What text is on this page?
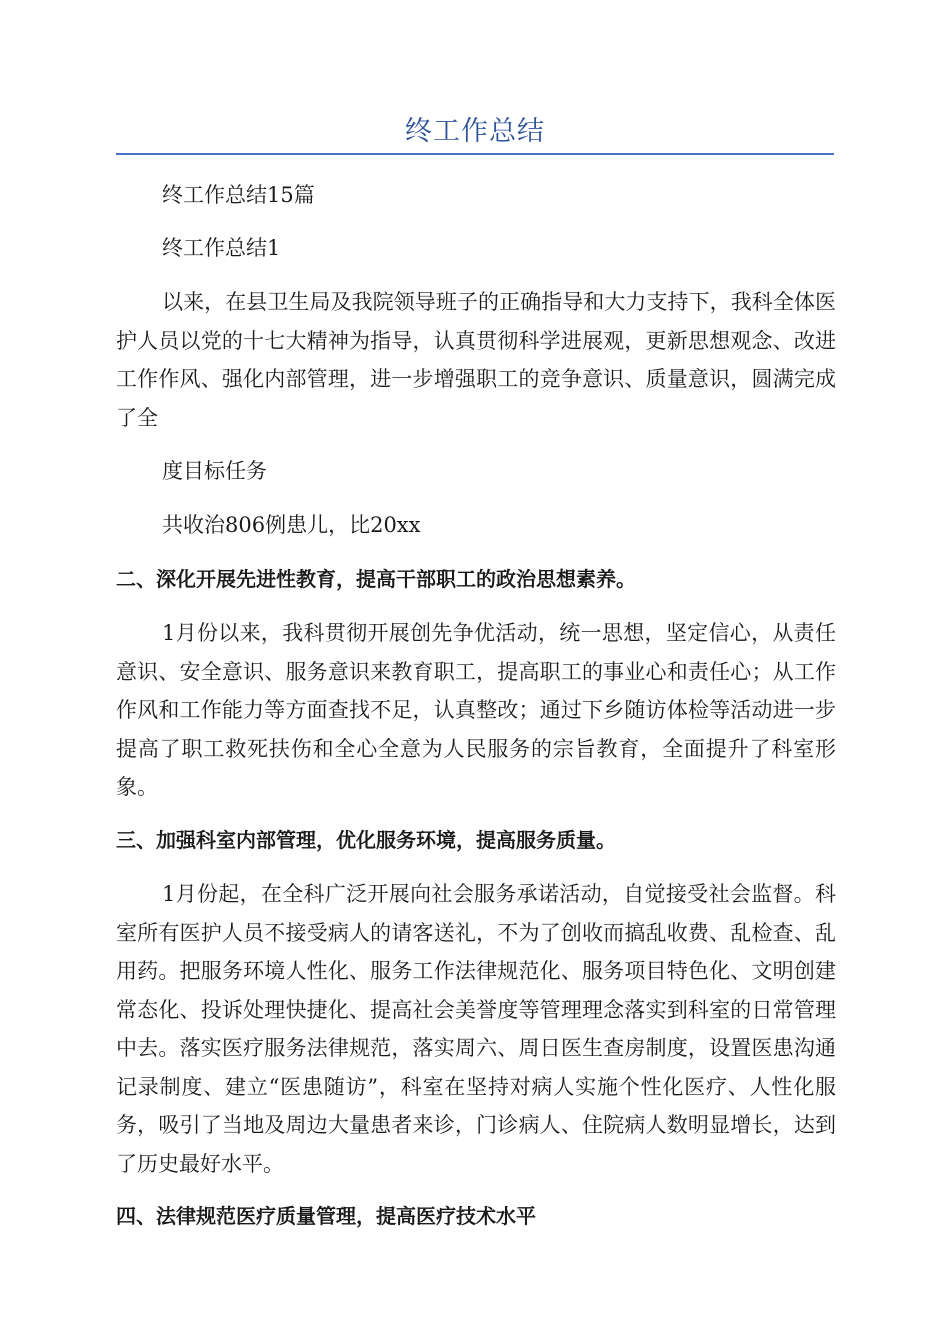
终工作总结

终工作总结15篇

终工作总结1

以来，在县卫生局及我院领导班子的正确指导和大力支持下，我科全体医护人员以党的十七大精神为指导，认真贯彻科学进展观，更新思想观念、改进工作作风、强化内部管理，进一步增强职工的竞争意识、质量意识，圆满完成了全

度目标任务

共收治806例患儿，比20xx

二、深化开展先进性教育，提高干部职工的政治思想素养。

1月份以来，我科贯彻开展创先争优活动，统一思想，坚定信心，从责任意识、安全意识、服务意识来教育职工，提高职工的事业心和责任心；从工作作风和工作能力等方面查找不足，认真整改；通过下乡随访体检等活动进一步提高了职工救死扶伤和全心全意为人民服务的宗旨教育，全面提升了科室形象。

三、加强科室内部管理，优化服务环境，提高服务质量。

1月份起，在全科广泛开展向社会服务承诺活动，自觉接受社会监督。科室所有医护人员不接受病人的请客送礼，不为了创收而搞乱收费、乱检查、乱用药。把服务环境人性化、服务工作法律规范化、服务项目特色化、文明创建常态化、投诉处理快捷化、提高社会美誉度等管理理念落实到科室的日常管理中去。落实医疗服务法律规范，落实周六、周日医生查房制度，设置医患沟通记录制度、建立“医患随访”，科室在坚持对病人实施个性化医疗、人性化服务，吸引了当地及周边大量患者来诊，门诊病人、住院病人数明显增长，达到了历史最好水平。

四、法律规范医疗质量管理，提高医疗技术水平
